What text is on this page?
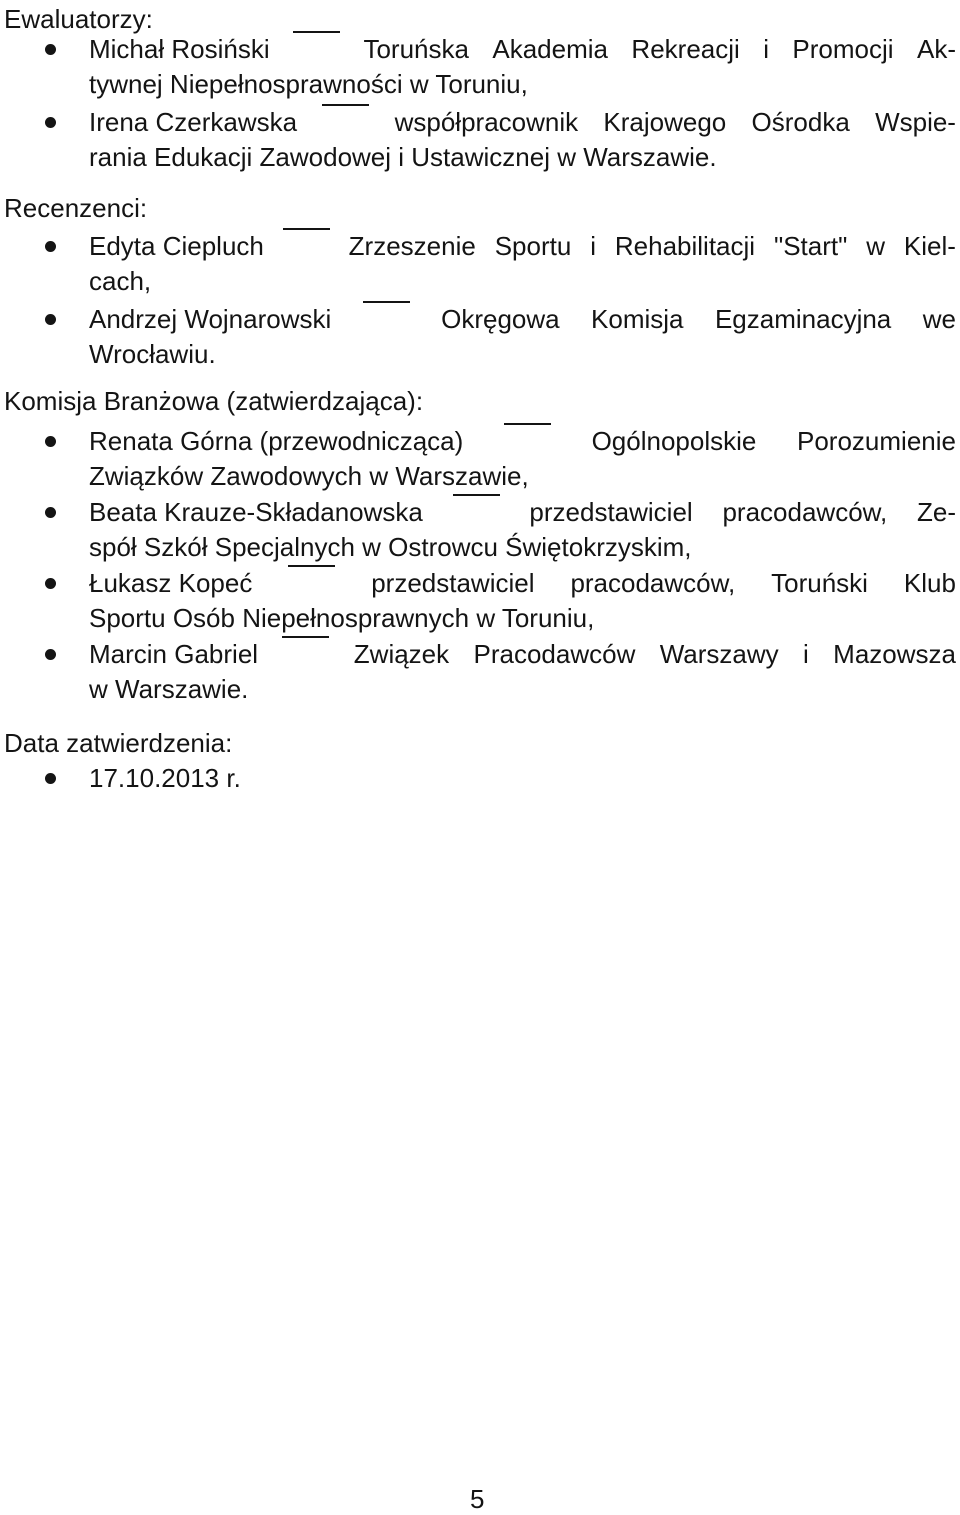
Ewaluatorzy:
Michał Rosiński	Toruńska Akademia Rekreacji i Promocji Ak-
tywnej Niepełnosprawności w Toruniu,
Irena Czerkawska	współpracownik Krajowego Ośrodka Wspie-
rania Edukacji Zawodowej i Ustawicznej w Warszawie.
Recenzenci:
Edyta Ciepluch	Zrzeszenie Sportu i Rehabilitacji "Start" w Kiel-
cach,
Andrzej Wojnarowski	Okręgowa Komisja Egzaminacyjna we
Wrocławiu.
Komisja Branżowa (zatwierdzająca):
Renata Górna (przewodnicząca)	Ogólnopolskie Porozumienie
Związków Zawodowych w Warszawie,
Beata Krauze-Składanowska	przedstawiciel pracodawców, Ze-
spół Szkół Specjalnych w Ostrowcu Świętokrzyskim,
Łukasz Kopeć	przedstawiciel pracodawców, Toruński Klub
Sportu Osób Niepełnosprawnych w Toruniu,
Marcin Gabriel	Związek Pracodawców Warszawy i Mazowsza
w Warszawie.
Data zatwierdzenia:
17.10.2013 r.
5
